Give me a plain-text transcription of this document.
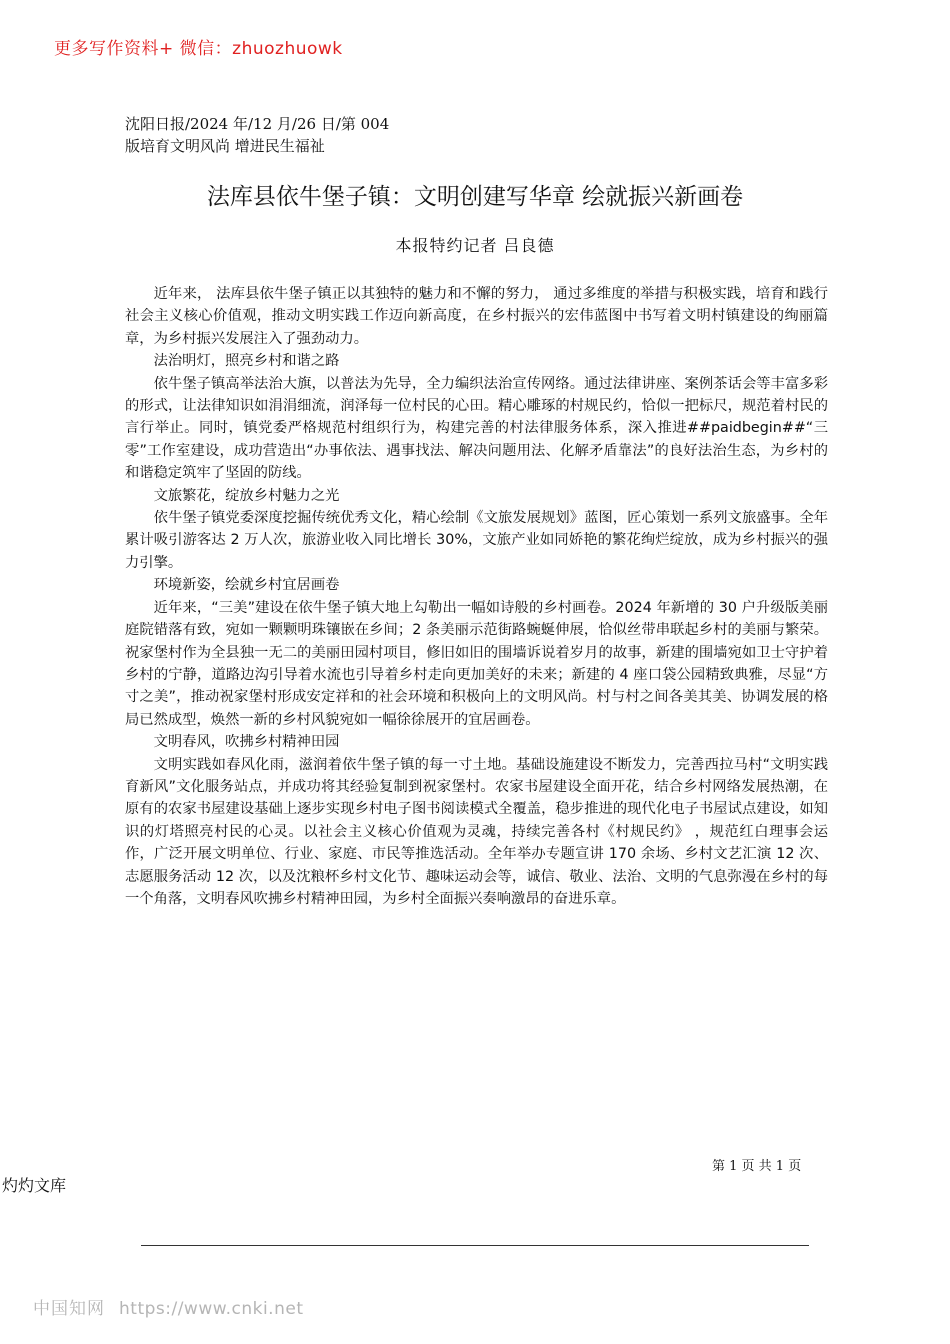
更多写作资料+ 微信：zhuozhuowk
沈阳日报/2024 年/12 月/26 日/第 004
版培育文明风尚 增进民生福祉
法库县依牛堡子镇：文明创建写华章 绘就振兴新画卷
本报特约记者 吕良德

近年来， 法库县依牛堡子镇正以其独特的魅力和不懈的努力， 通过多维度的举措与积极实践，培育和践行社会主义核心价值观，推动文明实践工作迈向新高度，在乡村振兴的宏伟蓝图中书写着文明村镇建设的绚丽篇章，为乡村振兴发展注入了强劲动力。

法治明灯，照亮乡村和谐之路

依牛堡子镇高举法治大旗，以普法为先导，全力编织法治宣传网络。通过法律讲座、案例茶话会等丰富多彩的形式，让法律知识如涓涓细流，润泽每一位村民的心田。精心雕琢的村规民约，恰似一把标尺，规范着村民的言行举止。同时，镇党委严格规范村组织行为，构建完善的村法律服务体系，深入推进##paidbegin##“三零”工作室建设，成功营造出“办事依法、遇事找法、解决问题用法、化解矛盾靠法”的良好法治生态，为乡村的和谐稳定筑牢了坚固的防线。

文旅繁花，绽放乡村魅力之光

依牛堡子镇党委深度挖掘传统优秀文化，精心绘制《文旅发展规划》蓝图，匠心策划一系列文旅盛事。全年累计吸引游客达 2 万人次，旅游业收入同比增长 30%，文旅产业如同娇艳的繁花绚烂绽放，成为乡村振兴的强力引擎。

环境新姿，绘就乡村宜居画卷

近年来，“三美”建设在依牛堡子镇大地上勾勒出一幅如诗般的乡村画卷。2024 年新增的 30 户升级版美丽庭院错落有致，宛如一颗颗明珠镶嵌在乡间；2 条美丽示范街路蜿蜒伸展，恰似丝带串联起乡村的美丽与繁荣。祝家堡村作为全县独一无二的美丽田园村项目，修旧如旧的围墙诉说着岁月的故事，新建的围墙宛如卫士守护着乡村的宁静，道路边沟引导着水流也引导着乡村走向更加美好的未来；新建的 4 座口袋公园精致典雅，尽显“方寸之美”，推动祝家堡村形成安定祥和的社会环境和积极向上的文明风尚。村与村之间各美其美、协调发展的格局已然成型，焕然一新的乡村风貌宛如一幅徐徐展开的宜居画卷。

文明春风，吹拂乡村精神田园

文明实践如春风化雨，滋润着依牛堡子镇的每一寸土地。基础设施建设不断发力，完善西拉马村“文明实践育新风”文化服务站点，并成功将其经验复制到祝家堡村。农家书屋建设全面开花，结合乡村网络发展热潮，在原有的农家书屋建设基础上逐步实现乡村电子图书阅读模式全覆盖，稳步推进的现代化电子书屋试点建设，如知识的灯塔照亮村民的心灵。以社会主义核心价值观为灵魂，持续完善各村《村规民约》 ，规范红白理事会运作，广泛开展文明单位、行业、家庭、市民等推选活动。全年举办专题宣讲 170 余场、乡村文艺汇演 12 次、志愿服务活动 12 次，以及沈粮杯乡村文化节、趣味运动会等，诚信、敬业、法治、文明的气息弥漫在乡村的每一个角落，文明春风吹拂乡村精神田园，为乡村全面振兴奏响激昂的奋进乐章。

第 1 页 共 1 页
灼灼文库
中国知网 https://www.cnki.net
